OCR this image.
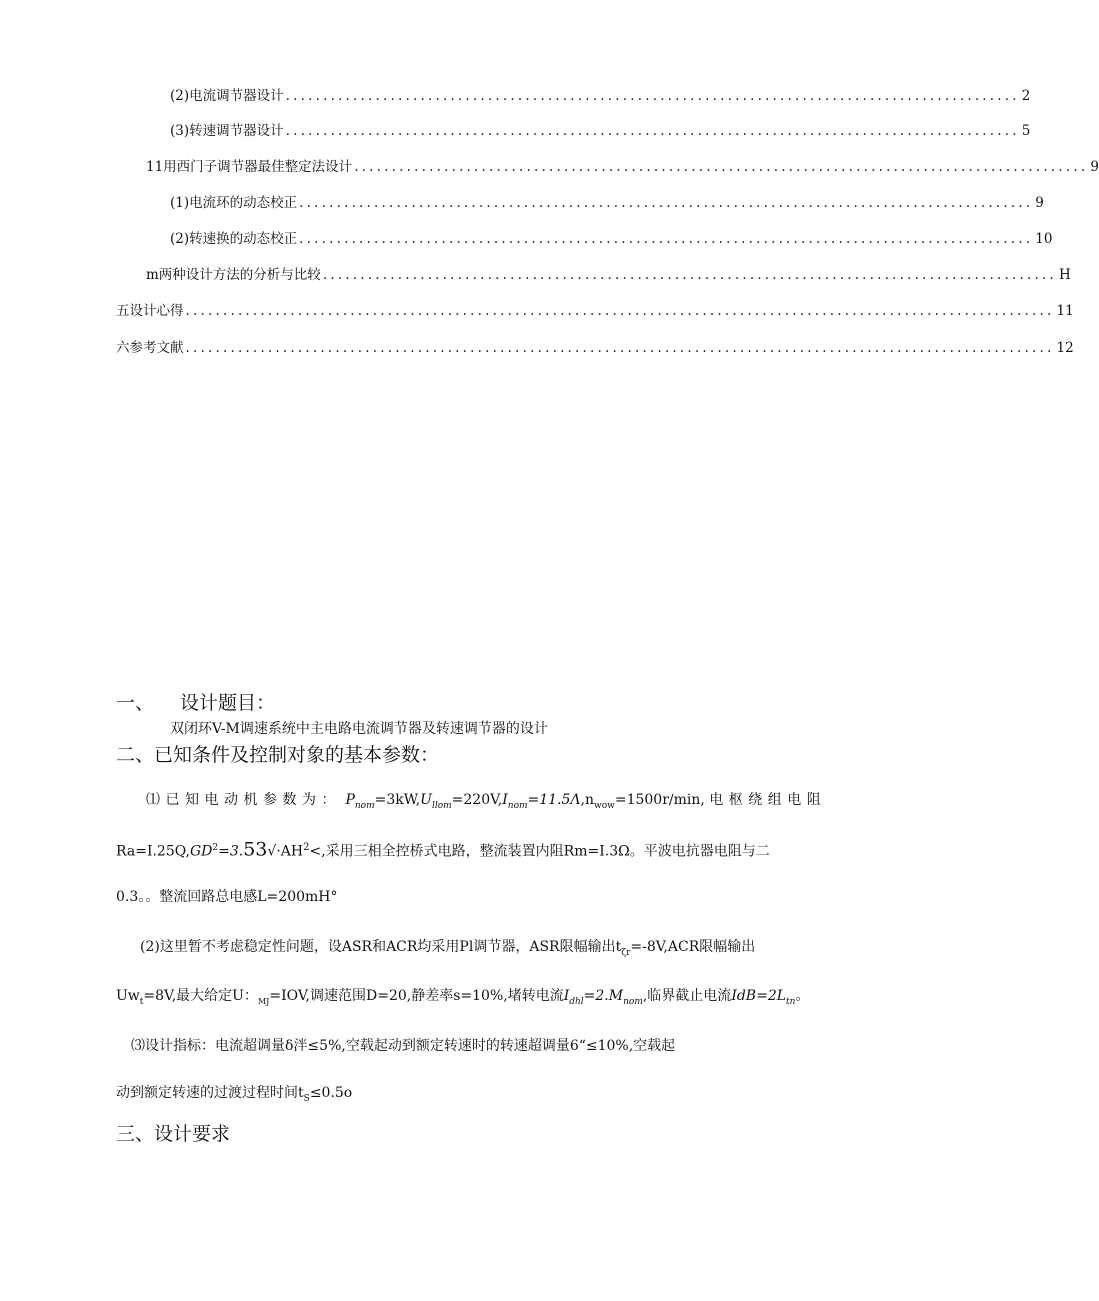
(2)电流调节器设计 .................................................................................................. 2
(3)转速调节器设计 .................................................................................................. 5
11用西门子调节器最佳整定法设计 .................................................................................................. 9
(1)电流环的动态校正 .................................................................................................. 9
(2)转速换的动态校正 .................................................................................................. 10
m两种设计方法的分析与比较 .................................................................................................. H
五设计心得 .................................................................................................................... 11
六参考文献 .................................................................................................................... 12
一、 设计题目：
双闭环V-M调速系统中主电路电流调节器及转速调节器的设计
二、已知条件及控制对象的基本参数：
⑴已知电动机参数为： $P_{nom}=3kW,U_{llom}=220V,I_{nom}=11.5\Lambda,n_{wow}=1500r∕\min$, 电枢绕组电阻
$Ra=I.25Q,GD^2=3.53√\cdot AH^2<$,采用三相全控桥式电路，整流装置内阻Rm=I.3Ω。平波电抗器电阻与二
0.3。。整流回路总电感L=200mH°
(2)这里暂不考虑稳定性问题，设ASR和ACR均采用Pl调节器，ASR限幅输出$t_{\zeta r}=-8V,ACR$限幅输出
$Uw_t=8V$,最大给定U：$_{MJ}$=IOV,调速范围D=20,静差率s=10%,堵转电流$I_{dhl}=2.M_{nom}$,临界截止电流$IdB=2L_{tn}$。
⑶设计指标：电流超调量δ泮≤5%,空载起动到额定转速时的转速超调量6“≤10%,空载起
动到额定转速的过渡过程时间$t_S\le 0.5o$
三、设计要求
